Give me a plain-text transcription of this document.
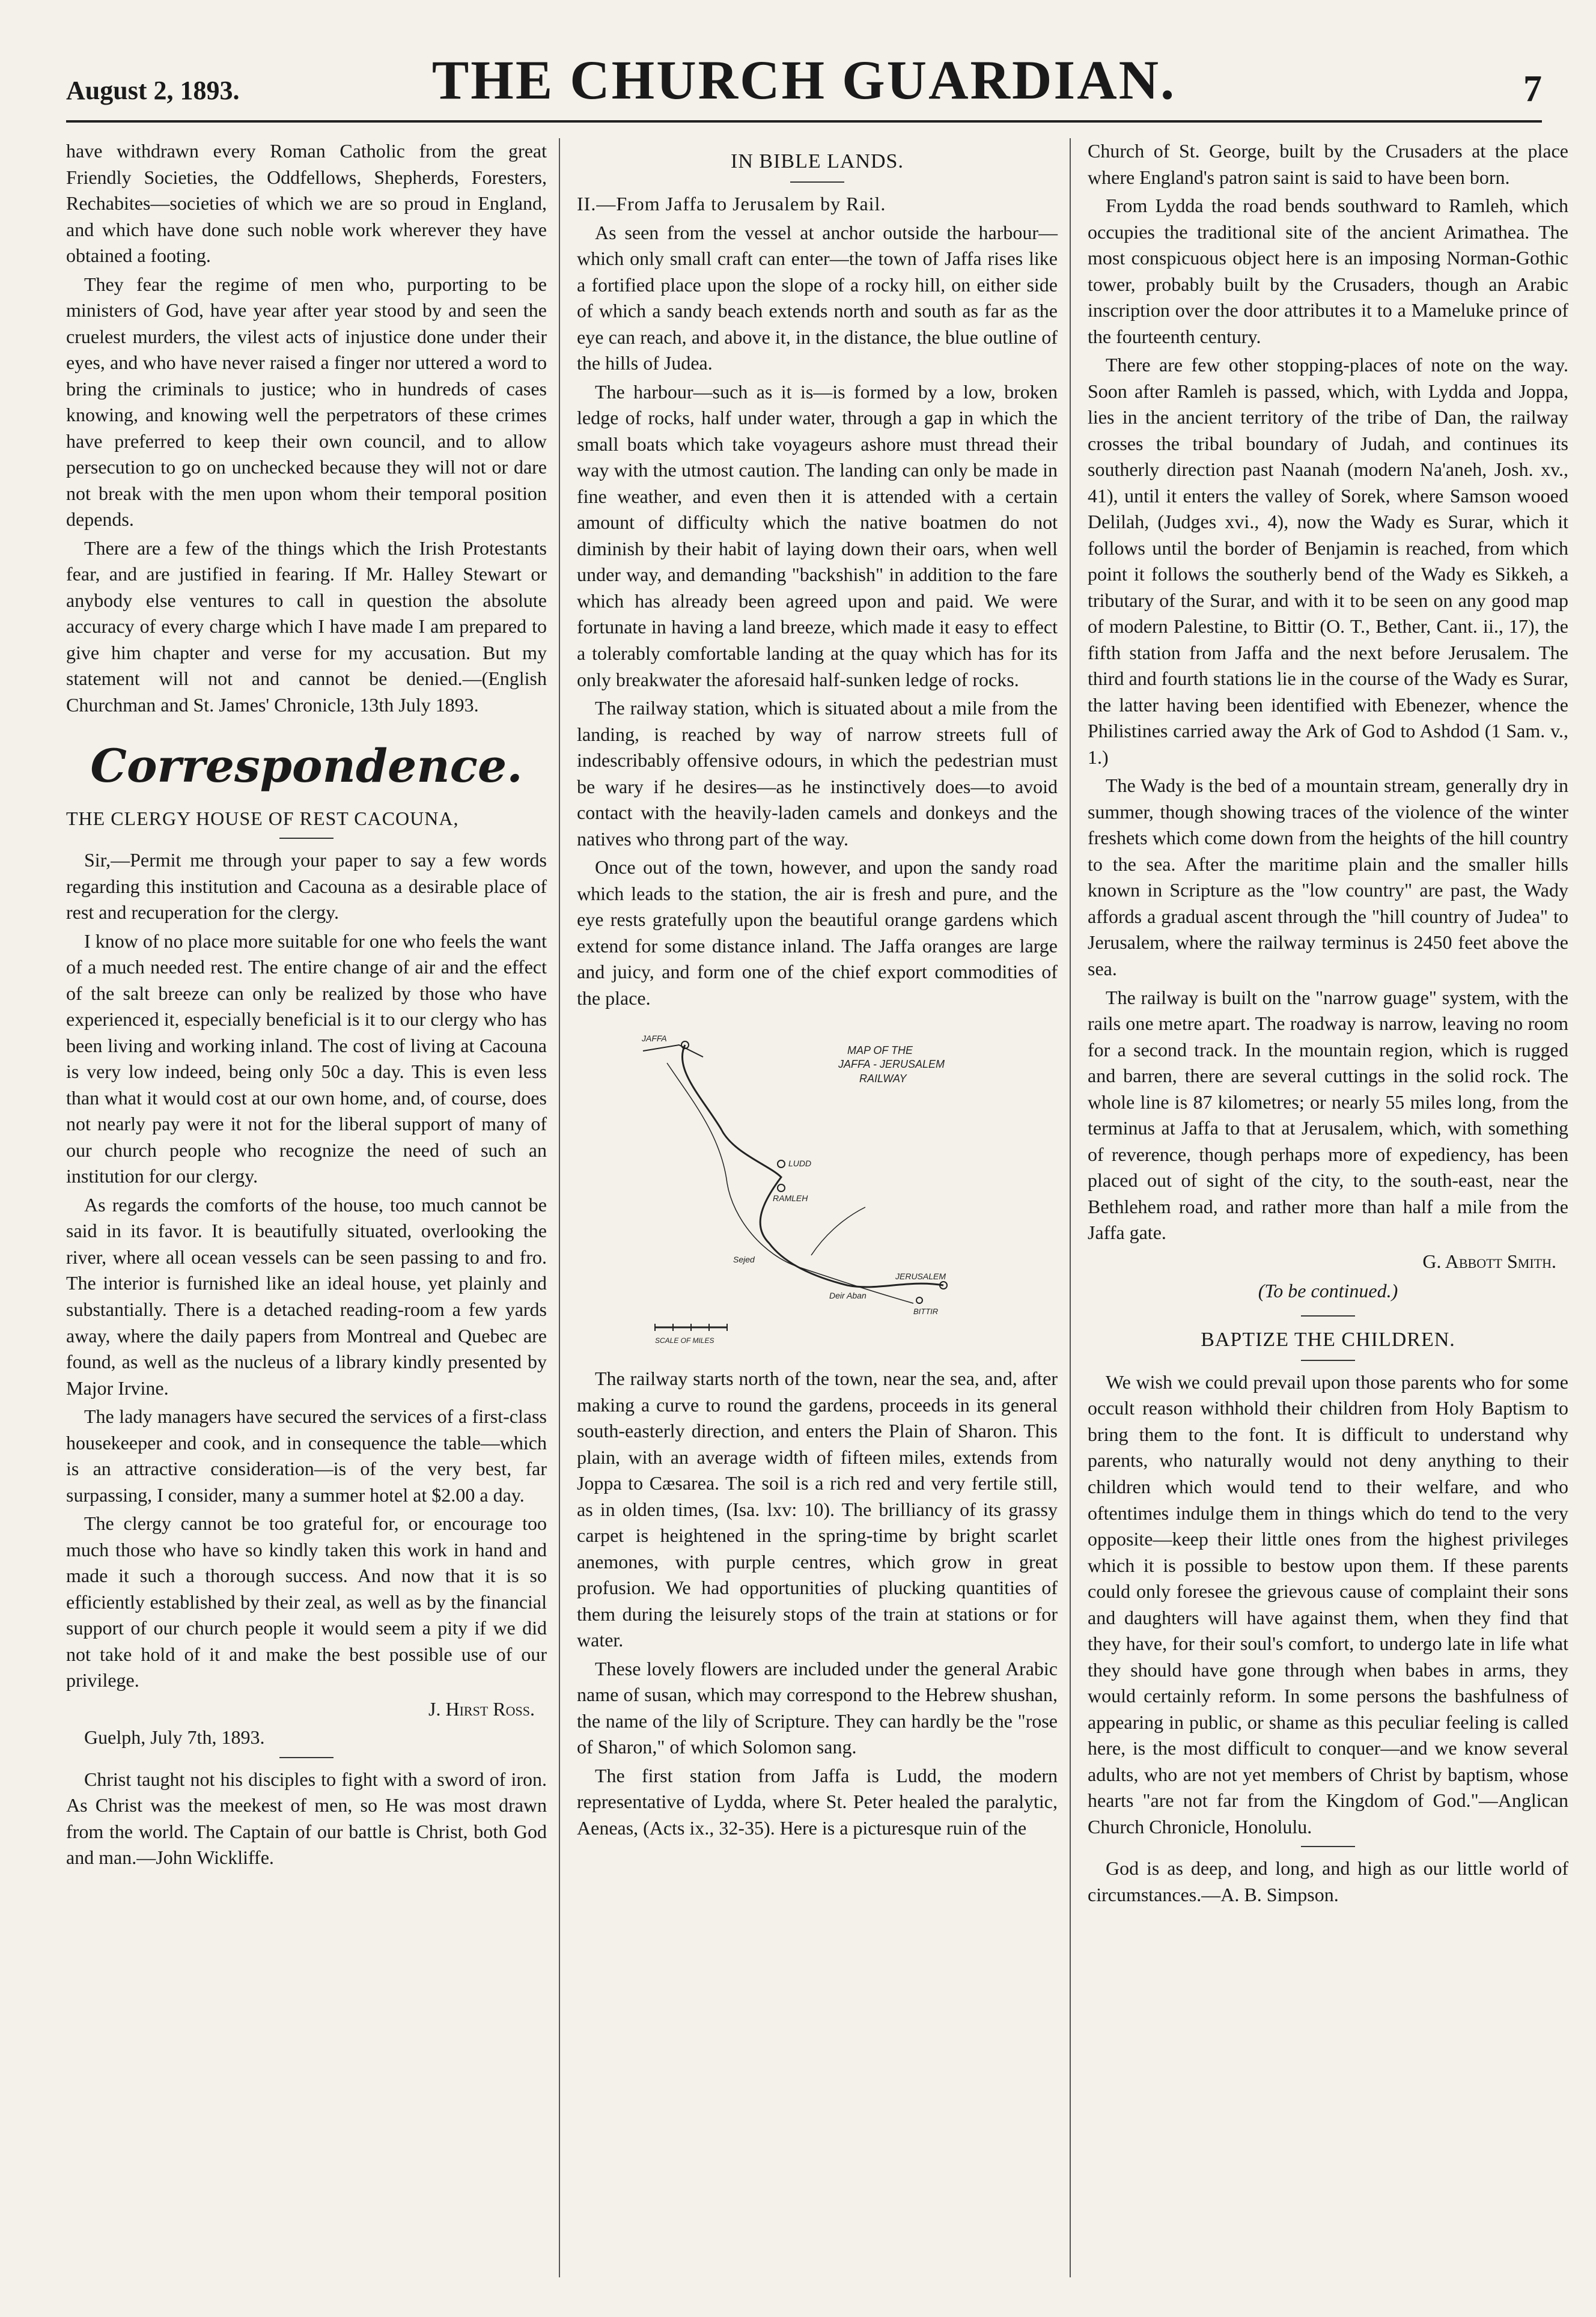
August 2, 1893.	THE CHURCH GUARDIAN.	7

have withdrawn every Roman Catholic from the great Friendly Societies, the Oddfellows, Shepherds, Foresters, Rechabites—societies of which we are so proud in England, and which have done such noble work wherever they have obtained a footing.

They fear the regime of men who, purporting to be ministers of God, have year after year stood by and seen the cruelest murders, the vilest acts of injustice done under their eyes, and who have never raised a finger nor uttered a word to bring the criminals to justice; who in hundreds of cases knowing, and knowing well the perpetrators of these crimes have preferred to keep their own council, and to allow persecution to go on unchecked because they will not or dare not break with the men upon whom their temporal position depends.

There are a few of the things which the Irish Protestants fear, and are justified in fearing. If Mr. Halley Stewart or anybody else ventures to call in question the absolute accuracy of every charge which I have made I am prepared to give him chapter and verse for my accusation. But my statement will not and cannot be denied.—(English Churchman and St. James' Chronicle, 13th July 1893.

Correspondence.

THE CLERGY HOUSE OF REST CACOUNA,

Sir,—Permit me through your paper to say a few words regarding this institution and Cacouna as a desirable place of rest and recuperation for the clergy.

I know of no place more suitable for one who feels the want of a much needed rest. The entire change of air and the effect of the salt breeze can only be realized by those who have experienced it, especially beneficial is it to our clergy who has been living and working inland. The cost of living at Cacouna is very low indeed, being only 50c a day. This is even less than what it would cost at our own home, and, of course, does not nearly pay were it not for the liberal support of many of our church people who recognize the need of such an institution for our clergy.

As regards the comforts of the house, too much cannot be said in its favor. It is beautifully situated, overlooking the river, where all ocean vessels can be seen passing to and fro. The interior is furnished like an ideal house, yet plainly and substantially. There is a detached reading-room a few yards away, where the daily papers from Montreal and Quebec are found, as well as the nucleus of a library kindly presented by Major Irvine.

The lady managers have secured the services of a first-class housekeeper and cook, and in consequence the table—which is an attractive consideration—is of the very best, far surpassing, I consider, many a summer hotel at $2.00 a day.

The clergy cannot be too grateful for, or encourage too much those who have so kindly taken this work in hand and made it such a thorough success. And now that it is so efficiently established by their zeal, as well as by the financial support of our church people it would seem a pity if we did not take hold of it and make the best possible use of our privilege.

J. Hirst Ross.
Guelph, July 7th, 1893.

Christ taught not his disciples to fight with a sword of iron. As Christ was the meekest of men, so He was most drawn from the world. The Captain of our battle is Christ, both God and man.—John Wickliffe.

IN BIBLE LANDS.

II.—From Jaffa to Jerusalem by Rail.

As seen from the vessel at anchor outside the harbour—which only small craft can enter—the town of Jaffa rises like a fortified place upon the slope of a rocky hill, on either side of which a sandy beach extends north and south as far as the eye can reach, and above it, in the distance, the blue outline of the hills of Judea.

The harbour—such as it is—is formed by a low, broken ledge of rocks, half under water, through a gap in which the small boats which take voyageurs ashore must thread their way with the utmost caution. The landing can only be made in fine weather, and even then it is attended with a certain amount of difficulty which the native boatmen do not diminish by their habit of laying down their oars, when well under way, and demanding "backshish" in addition to the fare which has already been agreed upon and paid. We were fortunate in having a land breeze, which made it easy to effect a tolerably comfortable landing at the quay which has for its only breakwater the aforesaid half-sunken ledge of rocks.

The railway station, which is situated about a mile from the landing, is reached by way of narrow streets full of indescribably offensive odours, in which the pedestrian must be wary if he desires—as he instinctively does—to avoid contact with the heavily-laden camels and donkeys and the natives who throng part of the way.

Once out of the town, however, and upon the sandy road which leads to the station, the air is fresh and pure, and the eye rests gratefully upon the beautiful orange gardens which extend for some distance inland. The Jaffa oranges are large and juicy, and form one of the chief export commodities of the place.

MAP OF THE
JAFFA - JERUSALEM
RAILWAY
JAFFA
LUDD
RAMLEH
Sejed
Deir Aban
JERUSALEM
BITTIR
SCALE OF MILES

The railway starts north of the town, near the sea, and, after making a curve to round the gardens, proceeds in its general south-easterly direction, and enters the Plain of Sharon. This plain, with an average width of fifteen miles, extends from Joppa to Cæsarea. The soil is a rich red and very fertile still, as in olden times, (Isa. lxv: 10). The brilliancy of its grassy carpet is heightened in the spring-time by bright scarlet anemones, with purple centres, which grow in great profusion. We had opportunities of plucking quantities of them during the leisurely stops of the train at stations or for water.

These lovely flowers are included under the general Arabic name of susan, which may correspond to the Hebrew shushan, the name of the lily of Scripture. They can hardly be the "rose of Sharon," of which Solomon sang.

The first station from Jaffa is Ludd, the modern representative of Lydda, where St. Peter healed the paralytic, Aeneas, (Acts ix., 32-35). Here is a picturesque ruin of the

Church of St. George, built by the Crusaders at the place where England's patron saint is said to have been born.

From Lydda the road bends southward to Ramleh, which occupies the traditional site of the ancient Arimathea. The most conspicuous object here is an imposing Norman-Gothic tower, probably built by the Crusaders, though an Arabic inscription over the door attributes it to a Mameluke prince of the fourteenth century.

There are few other stopping-places of note on the way. Soon after Ramleh is passed, which, with Lydda and Joppa, lies in the ancient territory of the tribe of Dan, the railway crosses the tribal boundary of Judah, and continues its southerly direction past Naanah (modern Na'aneh, Josh. xv., 41), until it enters the valley of Sorek, where Samson wooed Delilah, (Judges xvi., 4), now the Wady es Surar, which it follows until the border of Benjamin is reached, from which point it follows the southerly bend of the Wady es Sikkeh, a tributary of the Surar, and with it to be seen on any good map of modern Palestine, to Bittir (O. T., Bether, Cant. ii., 17), the fifth station from Jaffa and the next before Jerusalem. The third and fourth stations lie in the course of the Wady es Surar, the latter having been identified with Ebenezer, whence the Philistines carried away the Ark of God to Ashdod (1 Sam. v., 1.)

The Wady is the bed of a mountain stream, generally dry in summer, though showing traces of the violence of the winter freshets which come down from the heights of the hill country to the sea. After the maritime plain and the smaller hills known in Scripture as the "low country" are past, the Wady affords a gradual ascent through the "hill country of Judea" to Jerusalem, where the railway terminus is 2450 feet above the sea.

The railway is built on the "narrow guage" system, with the rails one metre apart. The roadway is narrow, leaving no room for a second track. In the mountain region, which is rugged and barren, there are several cuttings in the solid rock. The whole line is 87 kilometres; or nearly 55 miles long, from the terminus at Jaffa to that at Jerusalem, which, with something of reverence, though perhaps more of expediency, has been placed out of sight of the city, to the south-east, near the Bethlehem road, and rather more than half a mile from the Jaffa gate.

G. Abbott Smith.
(To be continued.)
BAPTIZE THE CHILDREN.

We wish we could prevail upon those parents who for some occult reason withhold their children from Holy Baptism to bring them to the font. It is difficult to understand why parents, who naturally would not deny anything to their children which would tend to their welfare, and who oftentimes indulge them in things which do tend to the very opposite—keep their little ones from the highest privileges which it is possible to bestow upon them. If these parents could only foresee the grievous cause of complaint their sons and daughters will have against them, when they find that they have, for their soul's comfort, to undergo late in life what they should have gone through when babes in arms, they would certainly reform. In some persons the bashfulness of appearing in public, or shame as this peculiar feeling is called here, is the most difficult to conquer—and we know several adults, who are not yet members of Christ by baptism, whose hearts "are not far from the Kingdom of God."—Anglican Church Chronicle, Honolulu.

God is as deep, and long, and high as our little world of circumstances.—A. B. Simpson.
